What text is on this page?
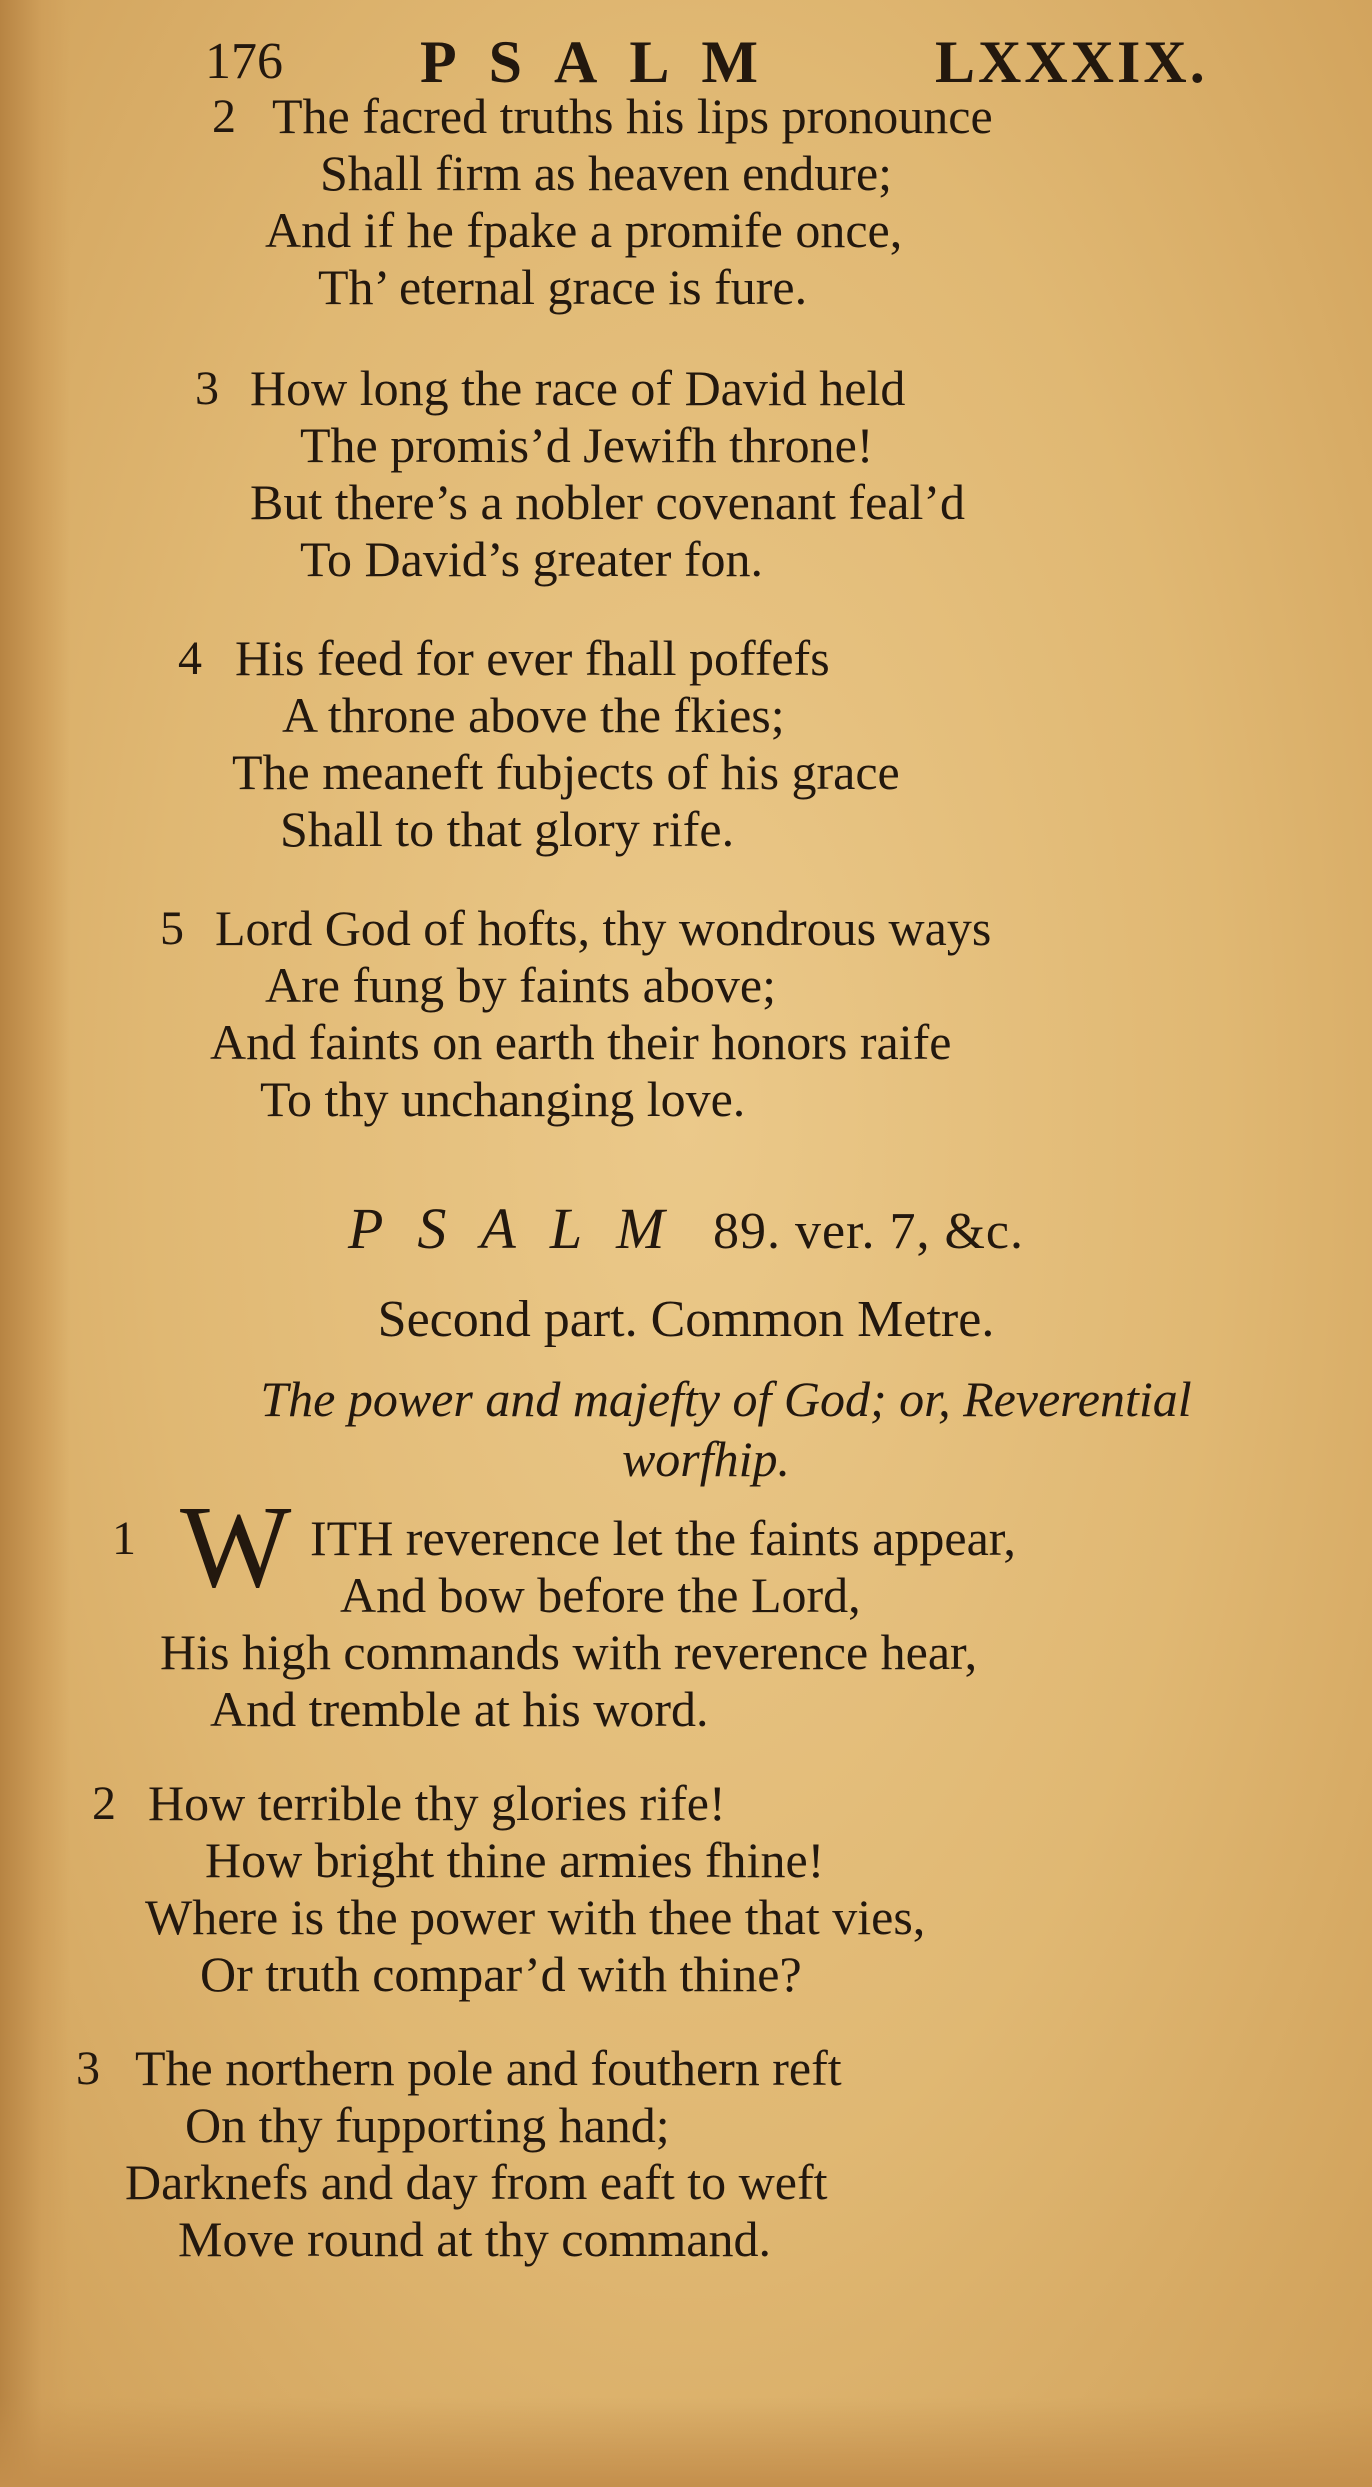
176 PSALM LXXXIX.
2 The facred truths his lips pronounce
Shall firm as heaven endure;
And if he fpake a promife once,
Th’ eternal grace is fure.
3 How long the race of David held
The promis’d Jewifh throne!
But there’s a nobler covenant feal’d
To David’s greater fon.
4 His feed for ever fhall poffefs
A throne above the fkies;
The meaneft fubjects of his grace
Shall to that glory rife.
5 Lord God of hofts, thy wondrous ways
Are fung by faints above;
And faints on earth their honors raife
To thy unchanging love.
PSALM 89. ver. 7, &c.
Second part. Common Metre.
The power and majefty of God; or, Reverential
worfhip.
1 W ITH reverence let the faints appear,
And bow before the Lord,
His high commands with reverence hear,
And tremble at his word.
2 How terrible thy glories rife!
How bright thine armies fhine!
Where is the power with thee that vies,
Or truth compar’d with thine?
3 The northern pole and fouthern reft
On thy fupporting hand;
Darknefs and day from eaft to weft
Move round at thy command.
